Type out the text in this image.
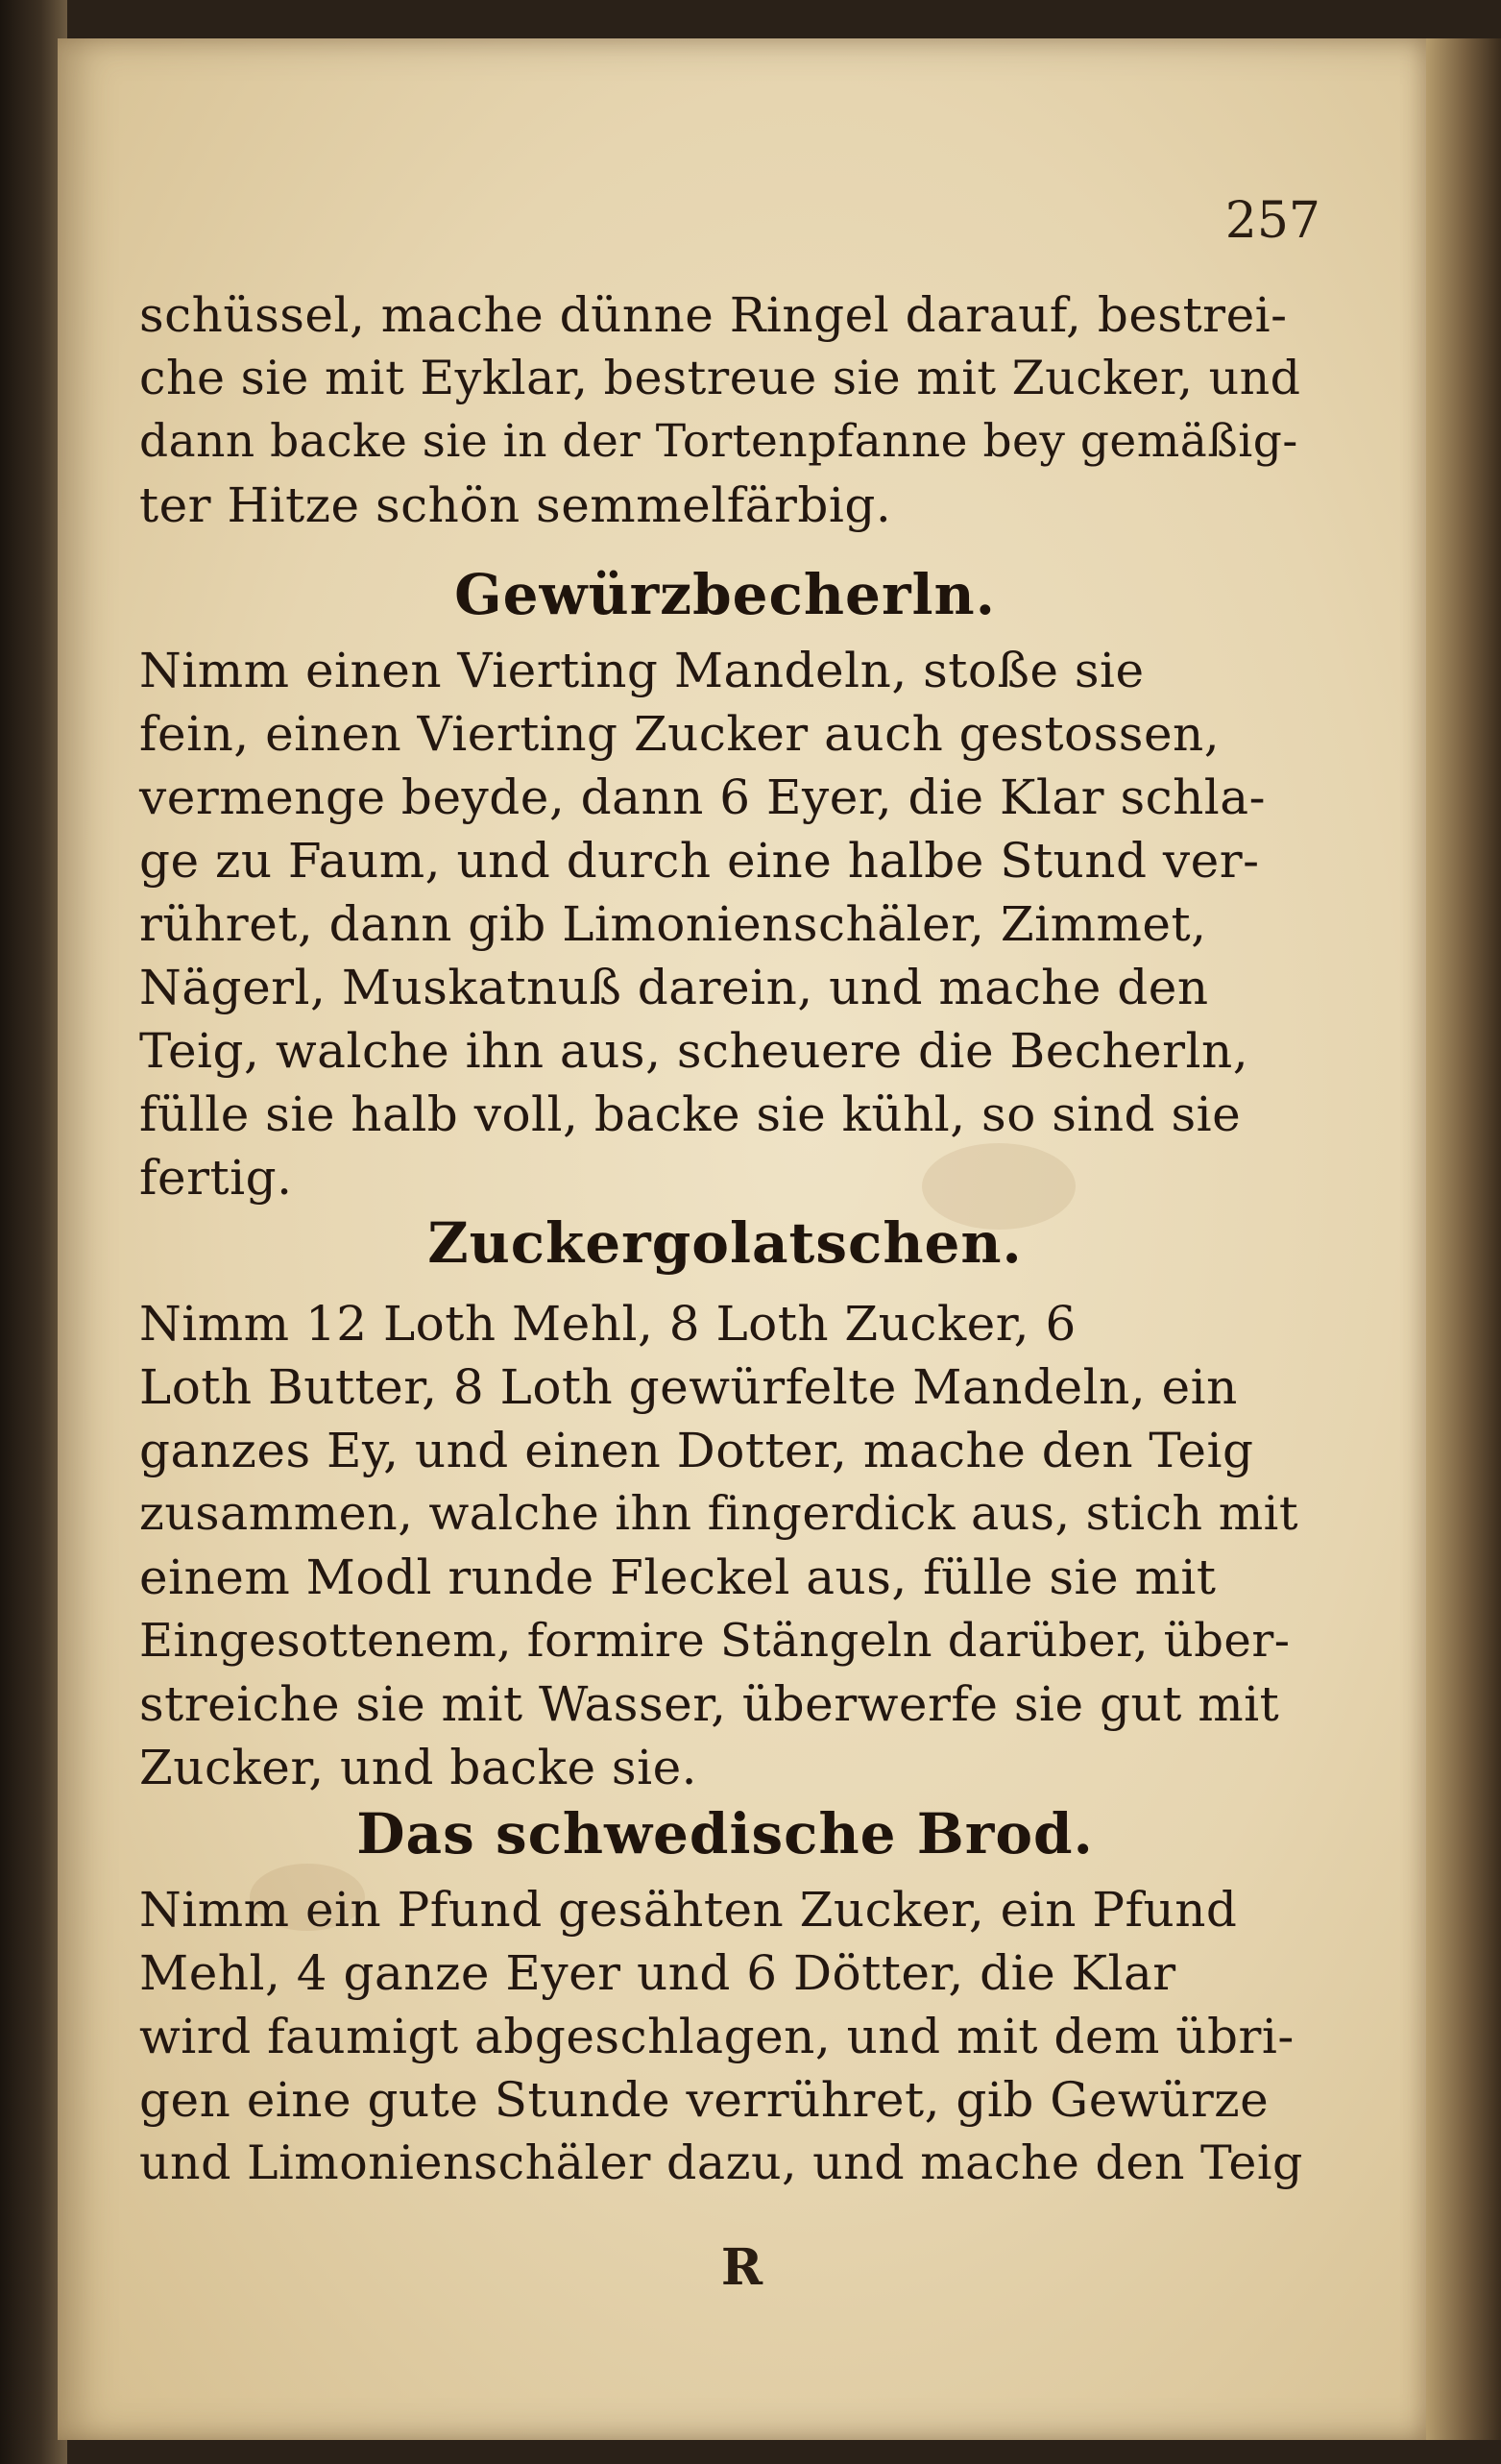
257

schüssel, mache dünne Ringel darauf, bestrei-

che sie mit Eyklar, bestreue sie mit Zucker, und

dann backe sie in der Tortenpfanne bey gemäßig-

ter Hitze schön semmelfärbig.

Gewürzbecherln.

Nimm einen Vierting Mandeln, stoße sie

fein, einen Vierting Zucker auch gestossen,

vermenge beyde, dann 6 Eyer, die Klar schla-

ge zu Faum, und durch eine halbe Stund ver-

rühret, dann gib Limonienschäler, Zimmet,

Nägerl, Muskatnuß darein, und mache den

Teig, walche ihn aus, scheuere die Becherln,

fülle sie halb voll, backe sie kühl, so sind sie

fertig.

Zuckergolatschen.

Nimm 12 Loth Mehl, 8 Loth Zucker, 6

Loth Butter, 8 Loth gewürfelte Mandeln, ein

ganzes Ey, und einen Dotter, mache den Teig

zusammen, walche ihn fingerdick aus, stich mit

einem Modl runde Fleckel aus, fülle sie mit

Eingesottenem, formire Stängeln darüber, über-

streiche sie mit Wasser, überwerfe sie gut mit

Zucker, und backe sie.

Das schwedische Brod.

Nimm ein Pfund gesähten Zucker, ein Pfund

Mehl, 4 ganze Eyer und 6 Dötter, die Klar

wird faumigt abgeschlagen, und mit dem übri-

gen eine gute Stunde verrühret, gib Gewürze

und Limonienschäler dazu, und mache den Teig

R
